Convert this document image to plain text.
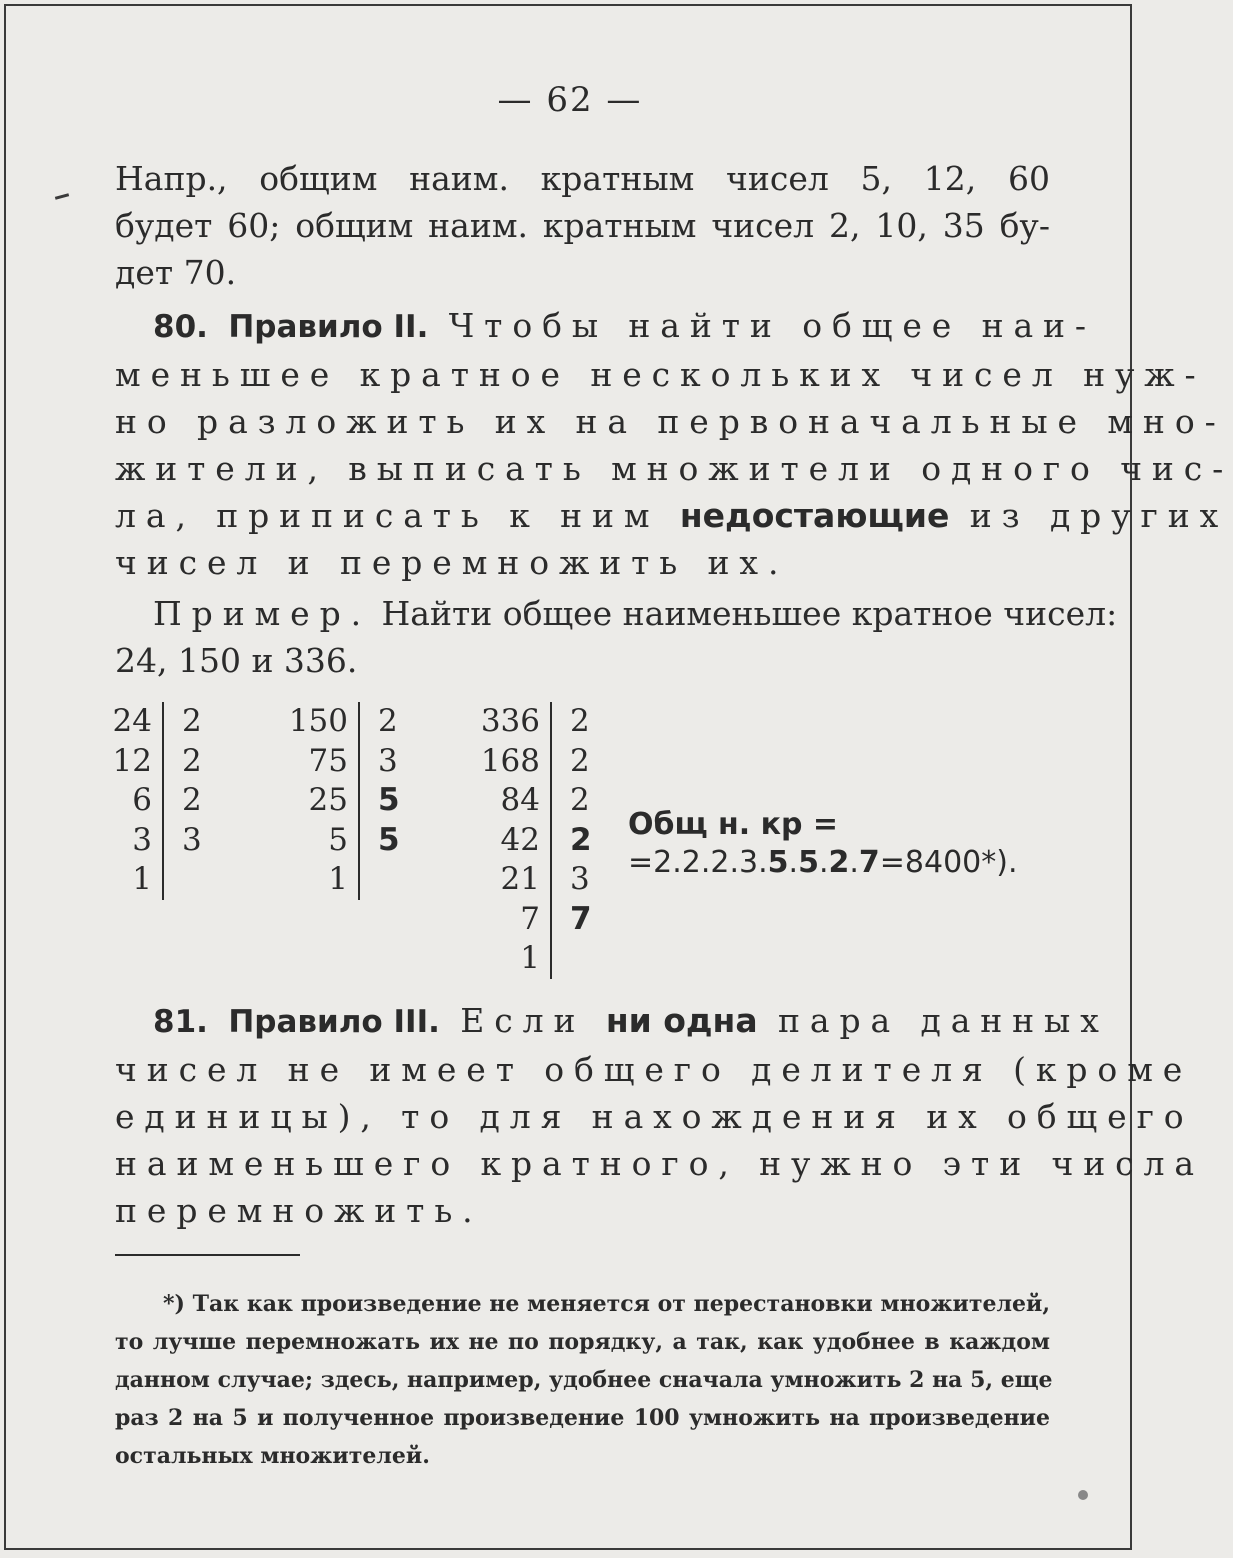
— 62 —
Напр., общим наим. кратным чисел 5, 12, 60
будет 60; общим наим. кратным чисел 2, 10, 35 бу-
дет 70.
80. Правило II. Чтобы найти общее наи-
меньшее кратное нескольких чисел нуж-
но разложить их на первоначальные мно-
жители, выписать множители одного чис-
ла, приписать к ним недостающие из других
чисел и перемножить их.
Пример. Найти общее наименьшее кратное чисел:
24, 150 и 336.
24 2
12 2
6 2
3 3
1
150 2
75 3
25 5
5 5
1
336 2
168 2
84 2
42 2
21 3
7 7
1
Общ н. кр =
=2.2.2.3.5.5.2.7=8400*).
81. Правило III. Если ни одна пара данных
чисел не имеет общего делителя (кроме
единицы), то для нахождения их общего
наименьшего кратного, нужно эти числа
перемножить.
*) Так как произведение не меняется от перестановки множителей,
то лучше перемножать их не по порядку, а так, как удобнее в каждом
данном случае; здесь, например, удобнее сначала умножить 2 на 5, еще
раз 2 на 5 и полученное произведение 100 умножить на произведение
остальных множителей.
